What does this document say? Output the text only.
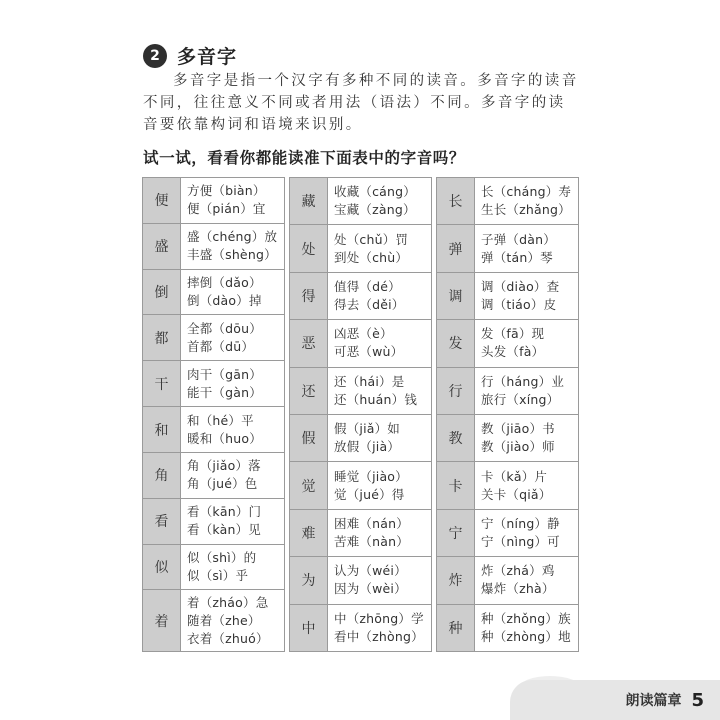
2 多音字

多音字是指一个汉字有多种不同的读音。多音字的读音不同，往往意义不同或者用法（语法）不同。多音字的读音要依靠构词和语境来识别。

试一试，看看你都能读准下面表中的字音吗？
便
方便（biàn）
便（pián）宜
盛
盛（chéng）放
丰盛（shèng）
倒
摔倒（dǎo）
倒（dào）掉
都
全都（dōu）
首都（dū）
干
肉干（gān）
能干（gàn）
和
和（hé）平
暖和（huo）
角
角（jiǎo）落
角（jué）色
看
看（kān）门
看（kàn）见
似
似（shì）的
似（sì）乎
着
着（zháo）急
随着（zhe）
衣着（zhuó）
藏
收藏（cáng）
宝藏（zàng）
处
处（chǔ）罚
到处（chù）
得
值得（dé）
得去（děi）
恶
凶恶（è）
可恶（wù）
还
还（hái）是
还（huán）钱
假
假（jiǎ）如
放假（jià）
觉
睡觉（jiào）
觉（jué）得
难
困难（nán）
苦难（nàn）
为
认为（wéi）
因为（wèi）
中
中（zhōng）学
看中（zhòng）
长
长（cháng）寿
生长（zhǎng）
弹
子弹（dàn）
弹（tán）琴
调
调（diào）查
调（tiáo）皮
发
发（fā）现
头发（fà）
行
行（háng）业
旅行（xíng）
教
教（jiāo）书
教（jiào）师
卡
卡（kǎ）片
关卡（qiǎ）
宁
宁（níng）静
宁（nìng）可
炸
炸（zhá）鸡
爆炸（zhà）
种
种（zhǒng）族
种（zhòng）地
朗读篇章 5
